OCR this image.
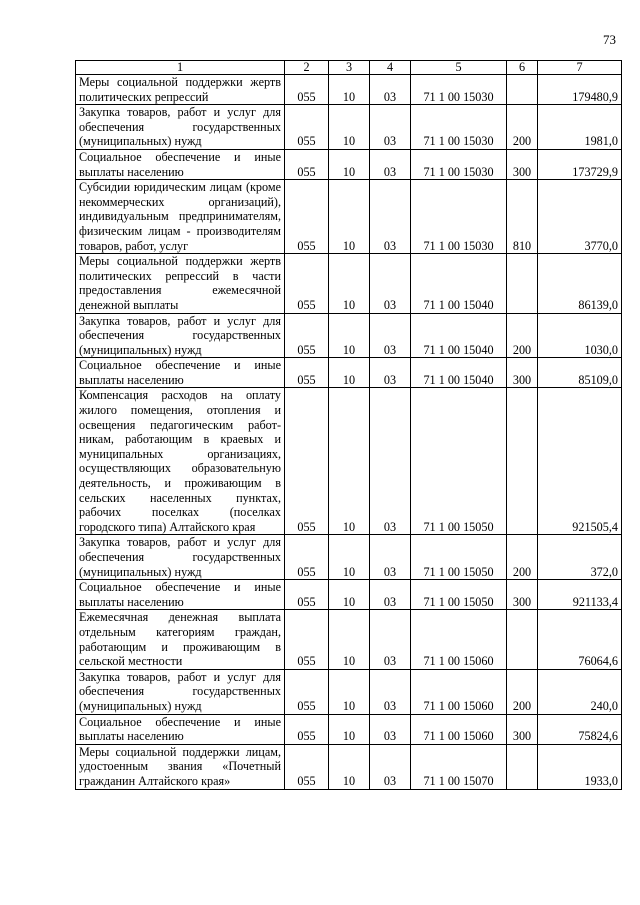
73
1	2	3	4	5	6	7
Меры социальной поддержки жертв политических репрессий	055	10	03	71 1 00 15030		179480,9
Закупка товаров, работ и услуг для обеспечения государственных (муниципальных) нужд	055	10	03	71 1 00 15030	200	1981,0
Социальное обеспечение и иные выплаты населению	055	10	03	71 1 00 15030	300	173729,9
Субсидии юридическим лицам (кроме некоммерческих организаций), индивидуальным предпринимателям, физическим лицам - производителям товаров, работ, услуг	055	10	03	71 1 00 15030	810	3770,0
Меры социальной поддержки жертв политических репрессий в части предоставления ежемесячной денежной выплаты	055	10	03	71 1 00 15040		86139,0
Закупка товаров, работ и услуг для обеспечения государственных (муниципальных) нужд	055	10	03	71 1 00 15040	200	1030,0
Социальное обеспечение и иные выплаты населению	055	10	03	71 1 00 15040	300	85109,0
Компенсация расходов на оплату жилого помещения, отопления и освещения педагогическим работникам, работающим в краевых и муниципальных организациях, осуществляющих образовательную деятельность, и проживающим в сельских населенных пунктах, рабочих поселках (поселках городского типа) Алтайского края	055	10	03	71 1 00 15050		921505,4
Закупка товаров, работ и услуг для обеспечения государственных (муниципальных) нужд	055	10	03	71 1 00 15050	200	372,0
Социальное обеспечение и иные выплаты населению	055	10	03	71 1 00 15050	300	921133,4
Ежемесячная денежная выплата отдельным категориям граждан, работающим и проживающим в сельской местности	055	10	03	71 1 00 15060		76064,6
Закупка товаров, работ и услуг для обеспечения государственных (муниципальных) нужд	055	10	03	71 1 00 15060	200	240,0
Социальное обеспечение и иные выплаты населению	055	10	03	71 1 00 15060	300	75824,6
Меры социальной поддержки лицам, удостоенным звания «Почетный гражданин Алтайского края»	055	10	03	71 1 00 15070		1933,0
